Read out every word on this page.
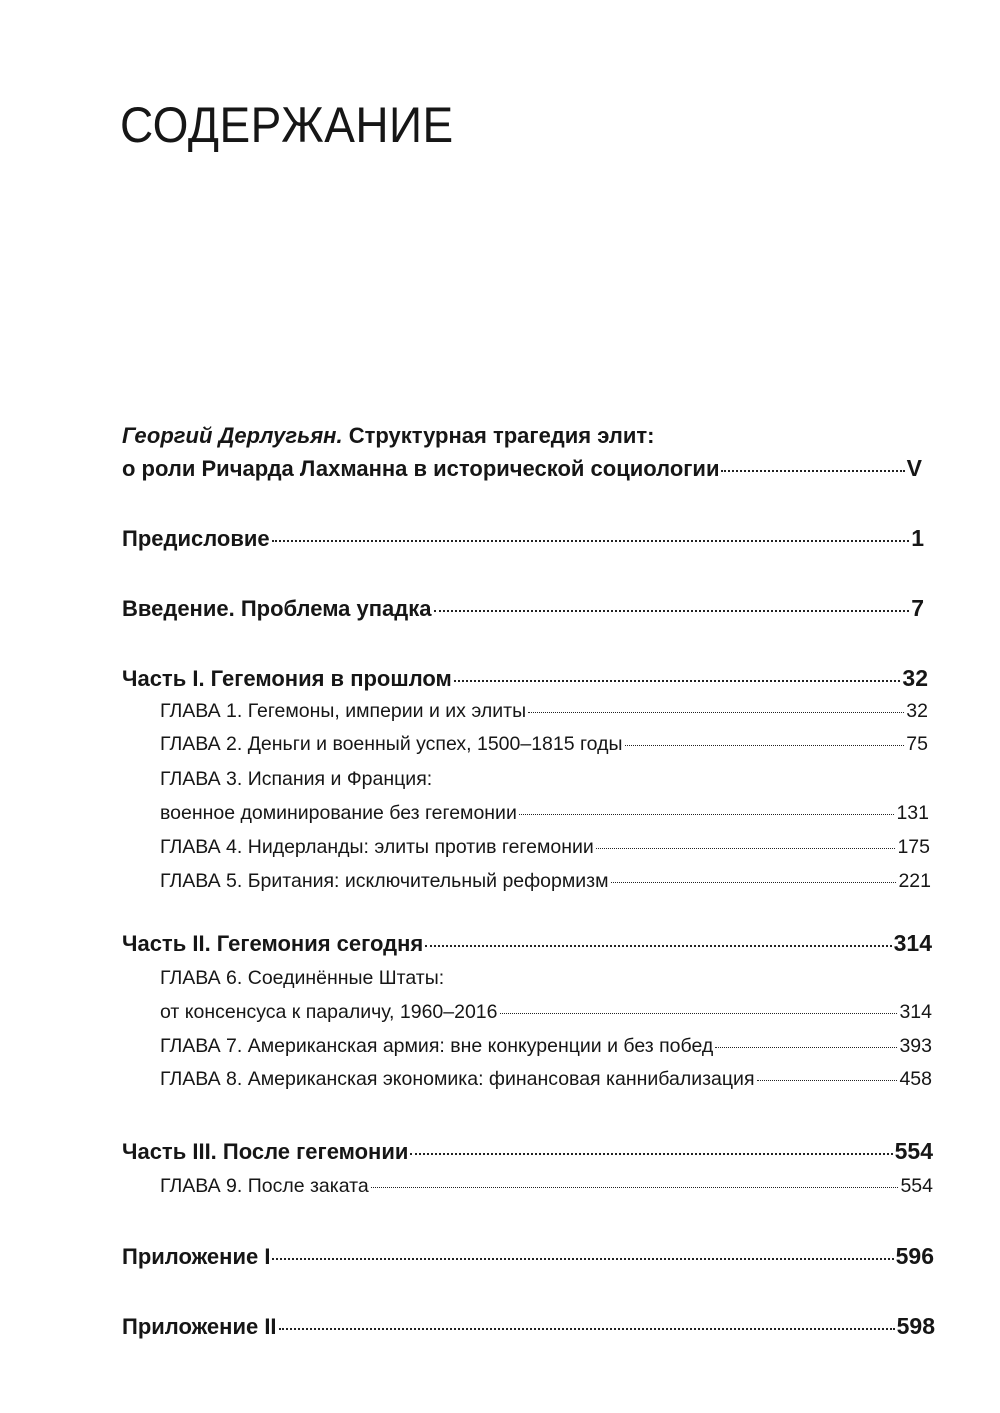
СОДЕРЖАНИЕ
Георгий Дерлугьян.
Структурная трагедия элит:
о роли Ричарда Лахманна в исторической социологии	V
Предисловие	1
Введение. Проблема упадка	7
Часть I. Гегемония в прошлом	32
ГЛАВА 1. Гегемоны, империи и их элиты	32
ГЛАВА 2. Деньги и военный успех, 1500–1815 годы	75
ГЛАВА 3. Испания и Франция:
военное доминирование без гегемонии	131
ГЛАВА 4. Нидерланды: элиты против гегемонии	175
ГЛАВА 5. Британия: исключительный реформизм	221
Часть II. Гегемония сегодня	314
ГЛАВА 6. Соединённые Штаты:
от консенсуса к параличу, 1960–2016	314
ГЛАВА 7. Американская армия: вне конкуренции и без побед	393
ГЛАВА 8. Американская экономика: финансовая каннибализация	458
Часть III. После гегемонии	554
ГЛАВА 9. После заката	554
Приложение I	596
Приложение II	598
